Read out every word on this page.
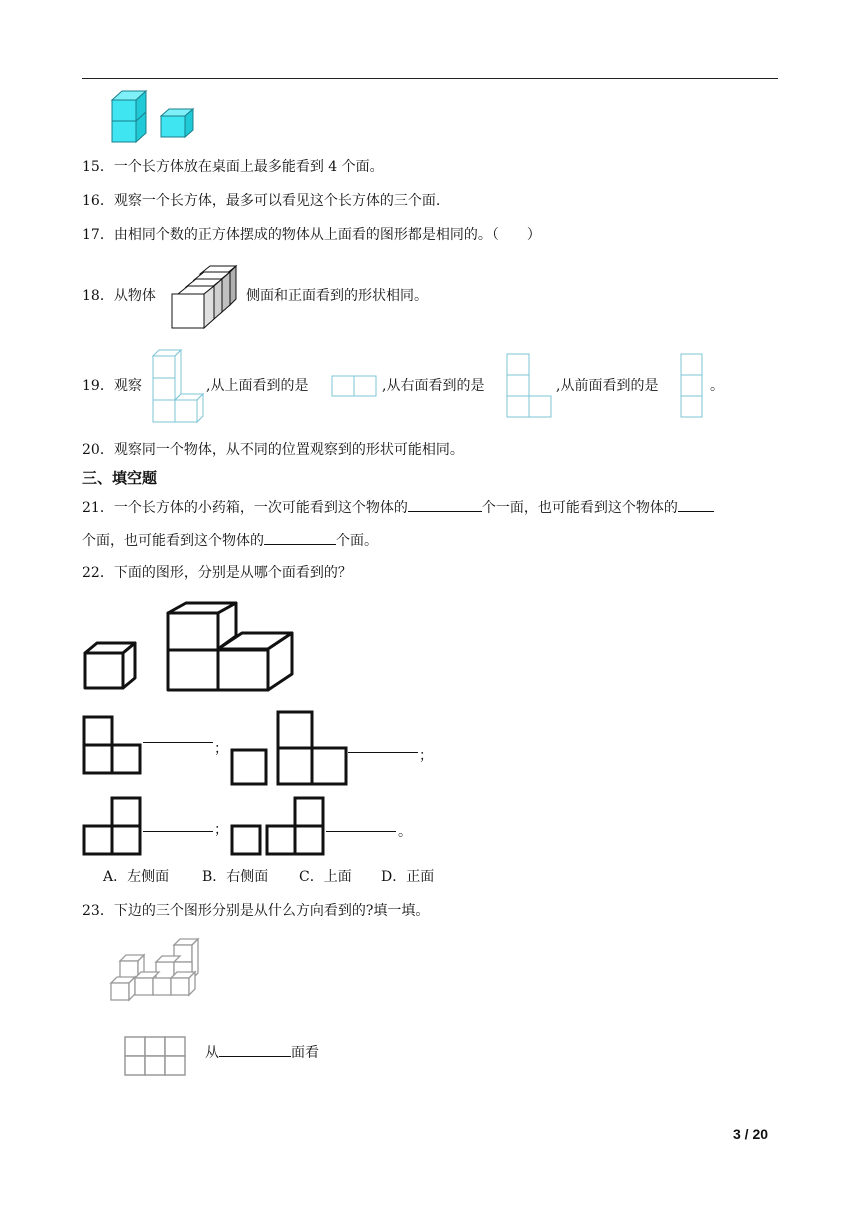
15．一个长方体放在桌面上最多能看到 4 个面。
16．观察一个长方体，最多可以看见这个长方体的三个面.
17．由相同个数的正方体摆成的物体从上面看的图形都是相同的。（　　）
18．从物体	侧面和正面看到的形状相同。
19．观察	,从上面看到的是	,从右面看到的是	,从前面看到的是	。
20．观察同一个物体，从不同的位置观察到的形状可能相同。
三、填空题
21．一个长方体的小药箱，一次可能看到这个物体的	个一面，也可能看到这个物体的
个面，也可能看到这个物体的	个面。
22．下面的图形，分别是从哪个面看到的？
；	；
；	。
A．左侧面 B．右侧面 C．上面 D．正面
23．下边的三个图形分别是从什么方向看到的?填一填。
从	面看
3 / 20
